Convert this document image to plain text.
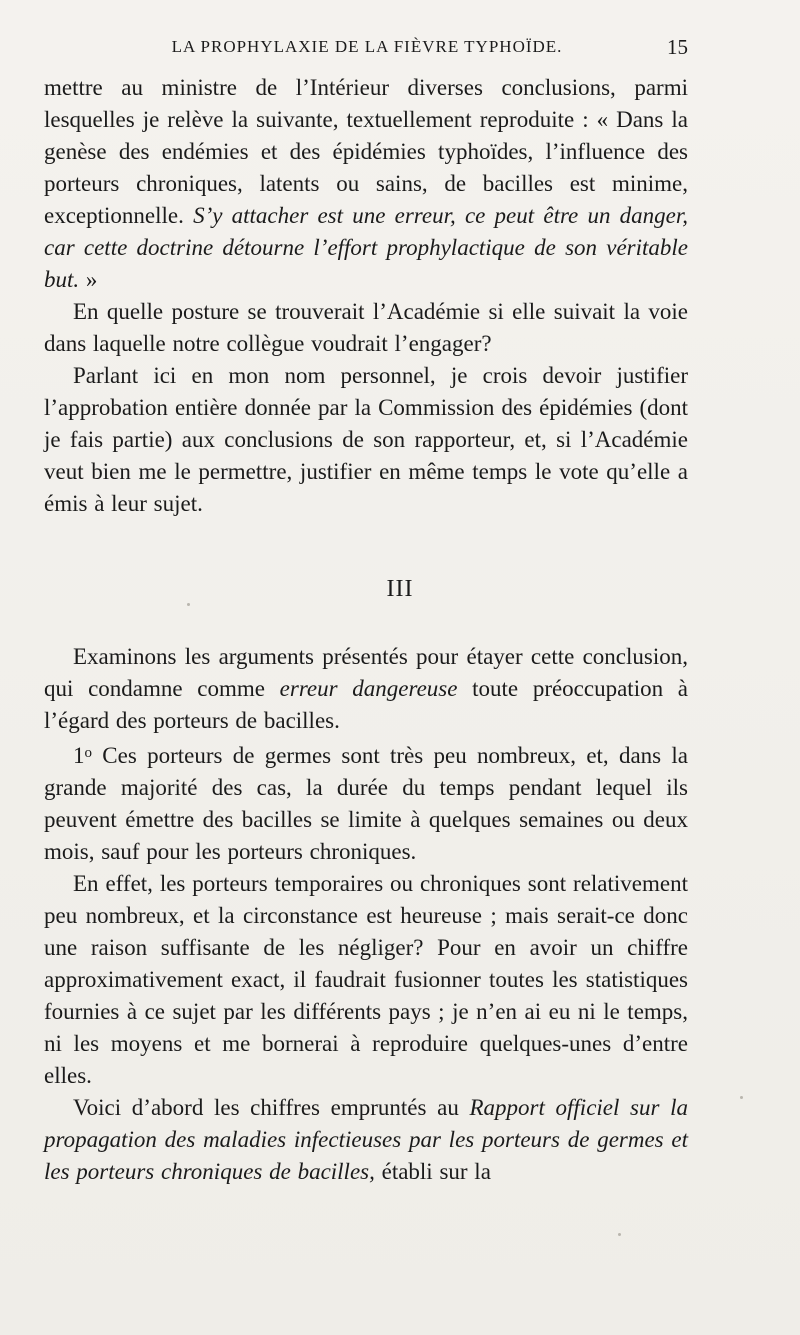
LA PROPHYLAXIE DE LA FIÈVRE TYPHOÏDE.	15

mettre au ministre de l’Intérieur diverses conclusions, parmi lesquelles je relève la suivante, textuellement reproduite : « Dans la genèse des endémies et des épidémies typhoïdes, l’influence des porteurs chroniques, latents ou sains, de bacilles est minime, exceptionnelle. S’y attacher est une erreur, ce peut être un danger, car cette doctrine détourne l’effort prophylactique de son véritable but. »

En quelle posture se trouverait l’Académie si elle suivait la voie dans laquelle notre collègue voudrait l’engager?

Parlant ici en mon nom personnel, je crois devoir justifier l’approbation entière donnée par la Commission des épidémies (dont je fais partie) aux conclusions de son rapporteur, et, si l’Académie veut bien me le permettre, justifier en même temps le vote qu’elle a émis à leur sujet.

III

Examinons les arguments présentés pour étayer cette conclusion, qui condamne comme erreur dangereuse toute préoccupation à l’égard des porteurs de bacilles.

1$^o$ Ces porteurs de germes sont très peu nombreux, et, dans la grande majorité des cas, la durée du temps pendant lequel ils peuvent émettre des bacilles se limite à quelques semaines ou deux mois, sauf pour les porteurs chroniques.

En effet, les porteurs temporaires ou chroniques sont relativement peu nombreux, et la circonstance est heureuse ; mais serait-ce donc une raison suffisante de les négliger? Pour en avoir un chiffre approximativement exact, il faudrait fusionner toutes les statistiques fournies à ce sujet par les différents pays ; je n’en ai eu ni le temps, ni les moyens et me bornerai à reproduire quelques-unes d’entre elles.

Voici d’abord les chiffres empruntés au Rapport officiel sur la propagation des maladies infectieuses par les porteurs de germes et les porteurs chroniques de bacilles, établi sur la
